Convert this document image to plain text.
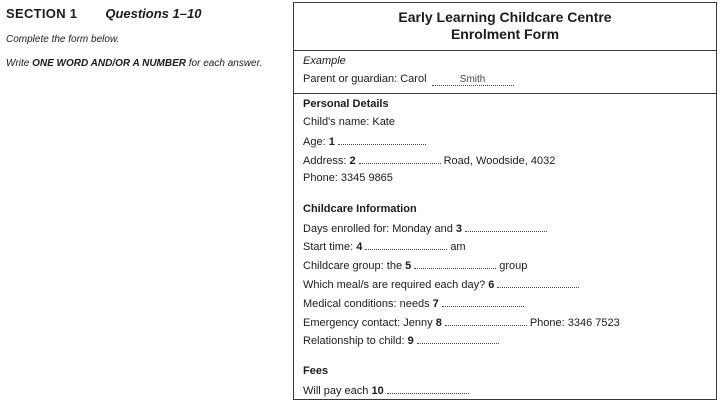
SECTION 1 Questions 1–10
Complete the form below.
Write ONE WORD AND/OR A NUMBER for each answer.
Early Learning Childcare Centre
Enrolment Form
Example
Parent or guardian: Carol	Smith
Personal Details
Child's name: Kate
Age: 1
Address: 2	Road, Woodside, 4032
Phone: 3345 9865
Childcare Information
Days enrolled for: Monday and 3
Start time: 4	am
Childcare group: the 5	group
Which meal/s are required each day? 6
Medical conditions: needs 7
Emergency contact: Jenny 8	Phone: 3346 7523
Relationship to child: 9
Fees
Will pay each 10
